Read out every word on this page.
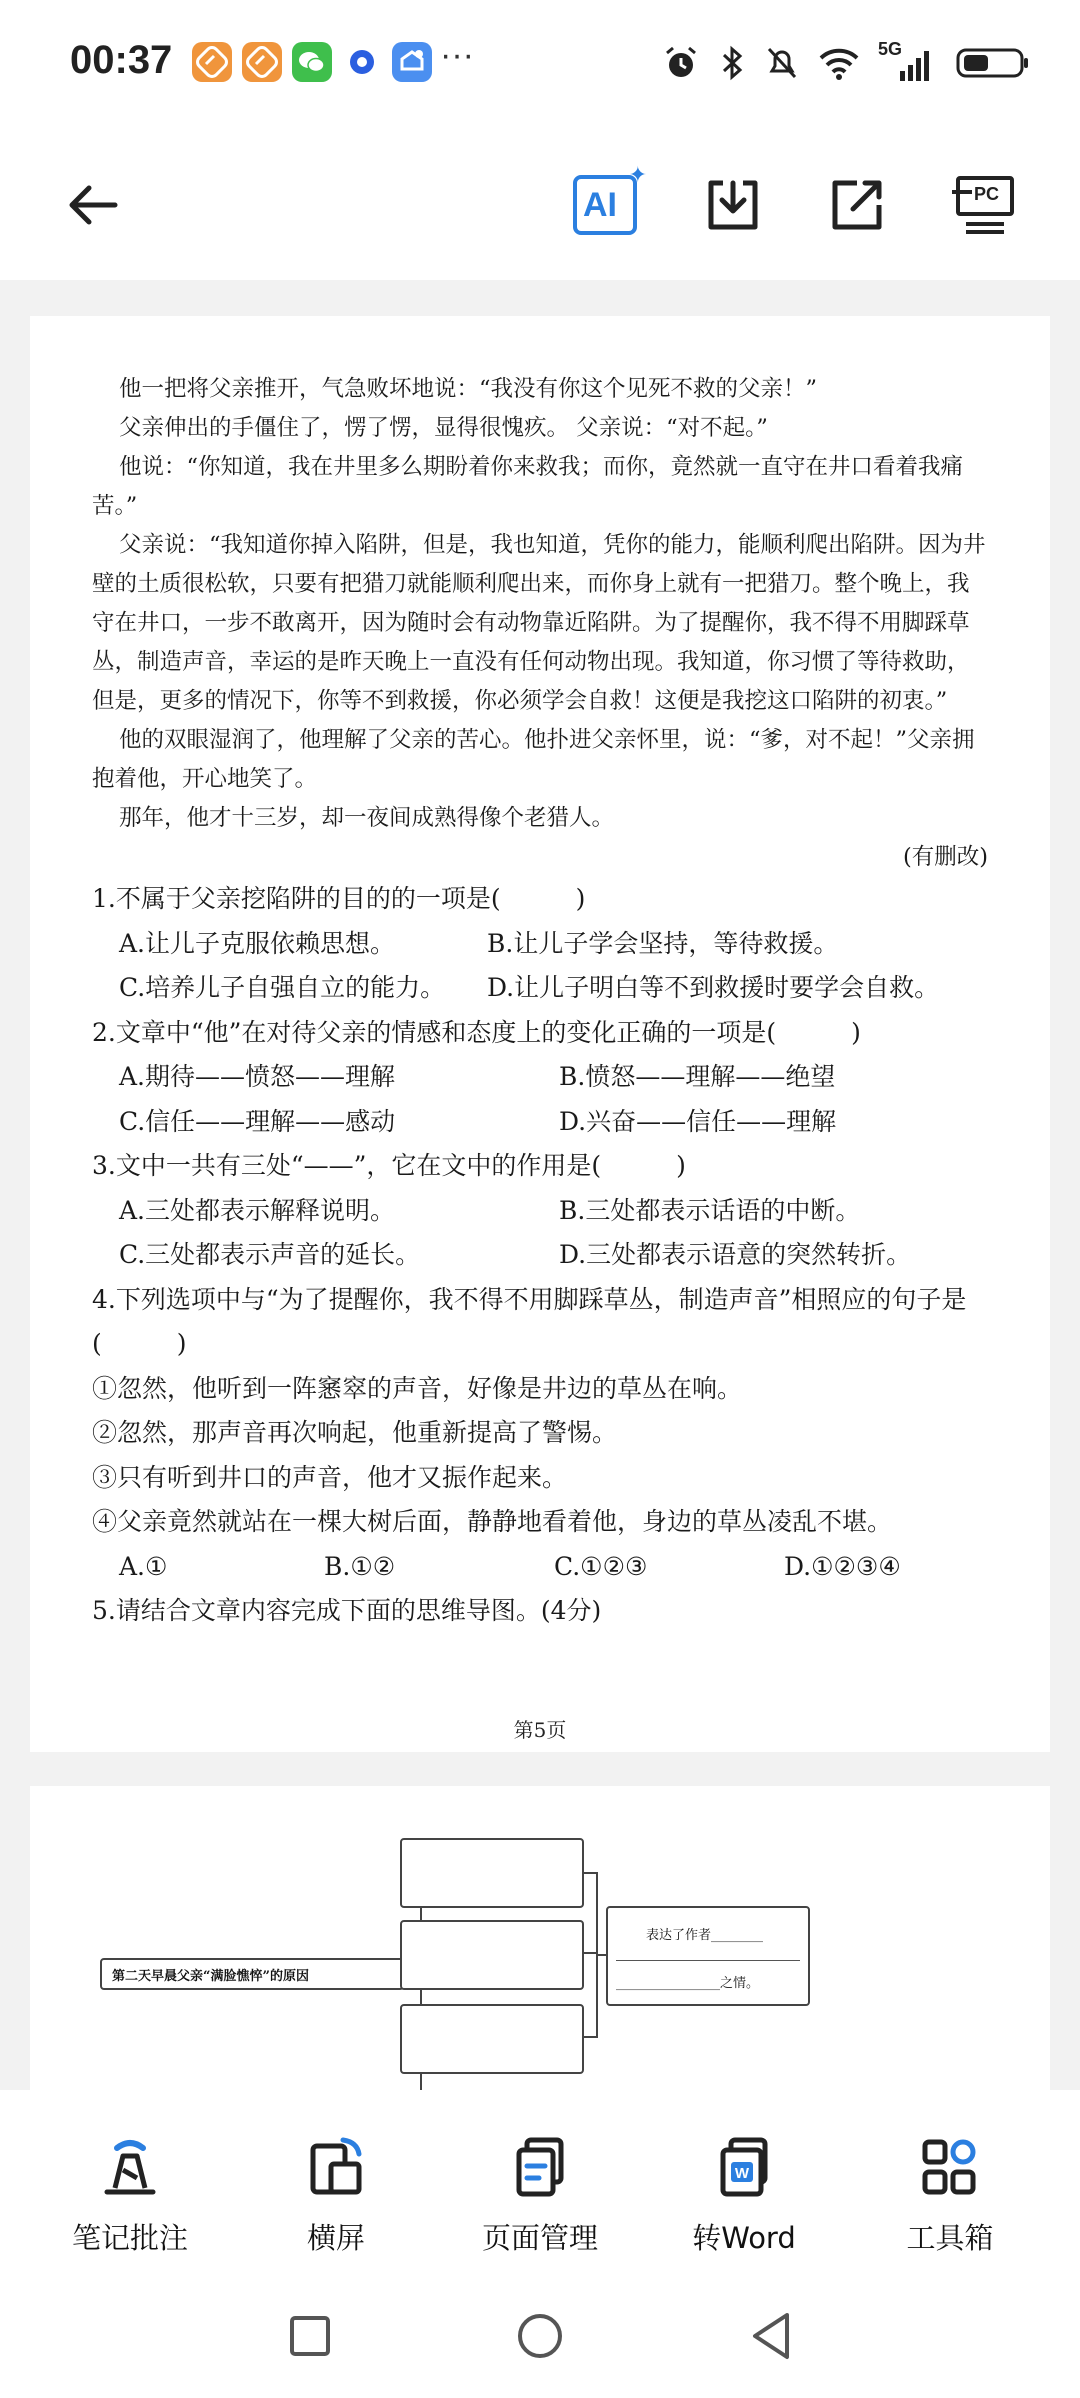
00:37	···	5G
AI
✦
PC

他一把将父亲推开，气急败坏地说：“我没有你这个见死不救的父亲！”

父亲伸出的手僵住了，愣了愣，显得很愧疚。 父亲说：“对不起。”

他说：“你知道，我在井里多么期盼着你来救我；而你，竟然就一直守在井口看着我痛苦。”

父亲说：“我知道你掉入陷阱，但是，我也知道，凭你的能力，能顺利爬出陷阱。因为井壁的土质很松软，只要有把猎刀就能顺利爬出来，而你身上就有一把猎刀。整个晚上，我守在井口，一步不敢离开，因为随时会有动物靠近陷阱。为了提醒你，我不得不用脚踩草丛，制造声音，幸运的是昨天晚上一直没有任何动物出现。我知道，你习惯了等待救助，但是，更多的情况下，你等不到救援，你必须学会自救！这便是我挖这口陷阱的初衷。”

他的双眼湿润了，他理解了父亲的苦心。他扑进父亲怀里，说：“爹，对不起！”父亲拥抱着他，开心地笑了。

那年，他才十三岁，却一夜间成熟得像个老猎人。

(有删改)

1.不属于父亲挖陷阱的目的的一项是(　　　)

A.让儿子克服依赖思想。	B.让儿子学会坚持，等待救援。
C.培养儿子自强自立的能力。	D.让儿子明白等不到救援时要学会自救。

2.文章中“他”在对待父亲的情感和态度上的变化正确的一项是(　　　)

A.期待——愤怒——理解	B.愤怒——理解——绝望
C.信任——理解——感动	D.兴奋——信任——理解

3.文中一共有三处“——”，它在文中的作用是(　　　)

A.三处都表示解释说明。	B.三处都表示话语的中断。
C.三处都表示声音的延长。	D.三处都表示语意的突然转折。

4.下列选项中与“为了提醒你，我不得不用脚踩草丛，制造声音”相照应的句子是(　　　)

①忽然，他听到一阵窸窣的声音，好像是井边的草丛在响。

②忽然，那声音再次响起，他重新提高了警惕。

③只有听到井口的声音，他才又振作起来。

④父亲竟然就站在一棵大树后面，静静地看着他，身边的草丛凌乱不堪。

A.①	B.①②	C.①②③	D.①②③④

5.请结合文章内容完成下面的思维导图。(4分)

第5页
第二天早晨父亲“满脸憔悴”的原因
表达了作者________
________________之情。
笔记批注	横屏	页面管理
W
转Word	工具箱
